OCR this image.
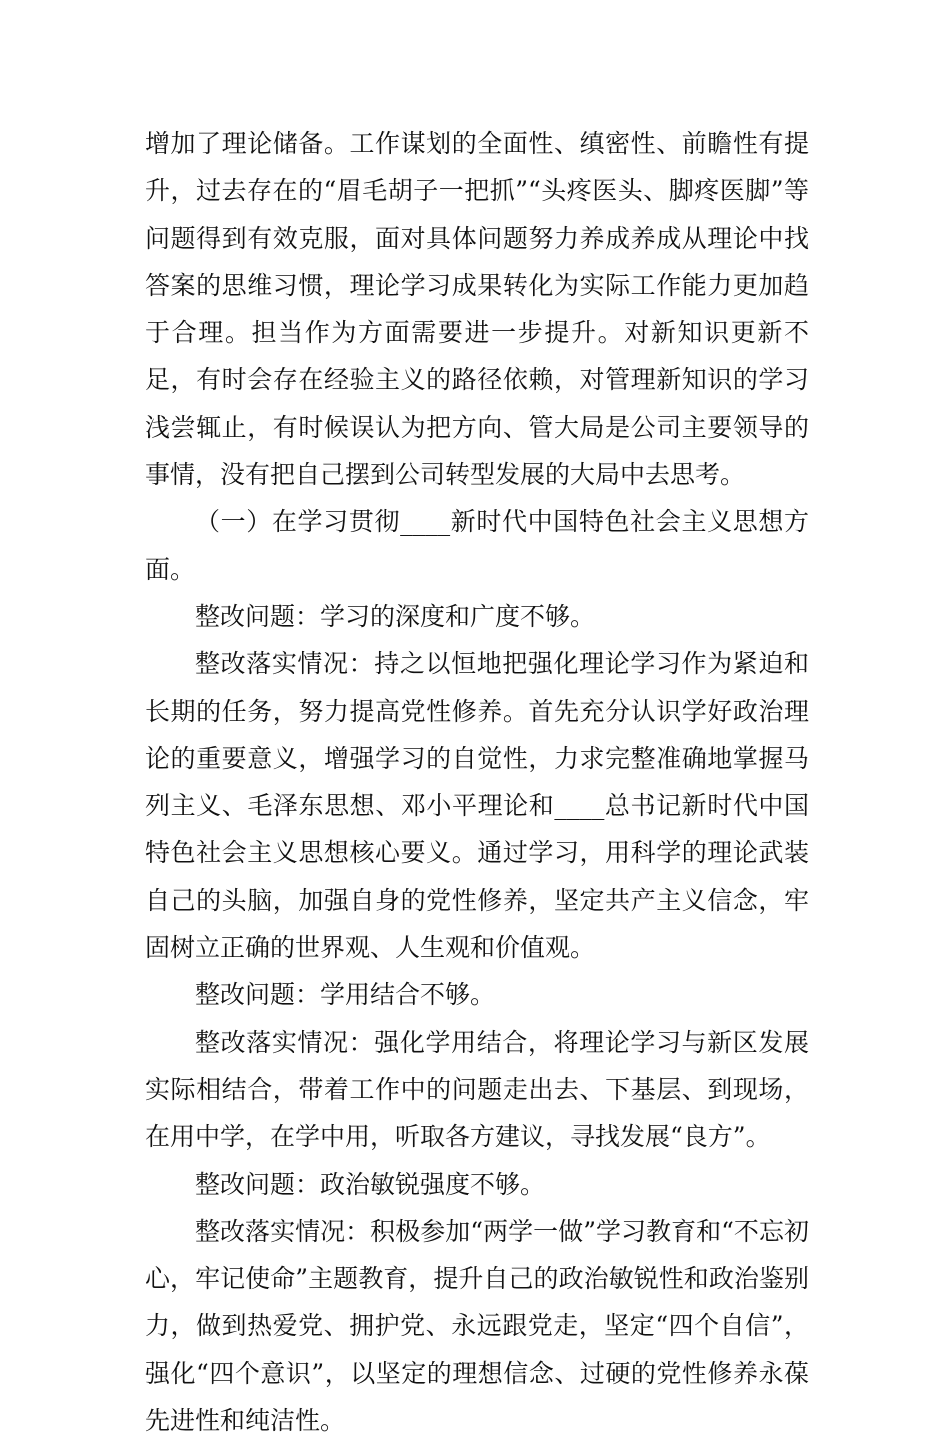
增加了理论储备。工作谋划的全面性、缜密性、前瞻性有提升，过去存在的“眉毛胡子一把抓”“头疼医头、脚疼医脚”等问题得到有效克服，面对具体问题努力养成养成从理论中找答案的思维习惯，理论学习成果转化为实际工作能力更加趋于合理。担当作为方面需要进一步提升。对新知识更新不足，有时会存在经验主义的路径依赖，对管理新知识的学习浅尝辄止，有时候误认为把方向、管大局是公司主要领导的事情，没有把自己摆到公司转型发展的大局中去思考。

（一）在学习贯彻____新时代中国特色社会主义思想方面。

整改问题：学习的深度和广度不够。

整改落实情况：持之以恒地把强化理论学习作为紧迫和长期的任务，努力提高党性修养。首先充分认识学好政治理论的重要意义，增强学习的自觉性，力求完整准确地掌握马列主义、毛泽东思想、邓小平理论和____总书记新时代中国特色社会主义思想核心要义。通过学习，用科学的理论武装自己的头脑，加强自身的党性修养，坚定共产主义信念，牢固树立正确的世界观、人生观和价值观。

整改问题：学用结合不够。

整改落实情况：强化学用结合，将理论学习与新区发展实际相结合，带着工作中的问题走出去、下基层、到现场，在用中学，在学中用，听取各方建议，寻找发展“良方”。

整改问题：政治敏锐强度不够。

整改落实情况：积极参加“两学一做”学习教育和“不忘初心，牢记使命”主题教育，提升自己的政治敏锐性和政治鉴别力，做到热爱党、拥护党、永远跟党走，坚定“四个自信”，强化“四个意识”，以坚定的理想信念、过硬的党性修养永葆先进性和纯洁性。
